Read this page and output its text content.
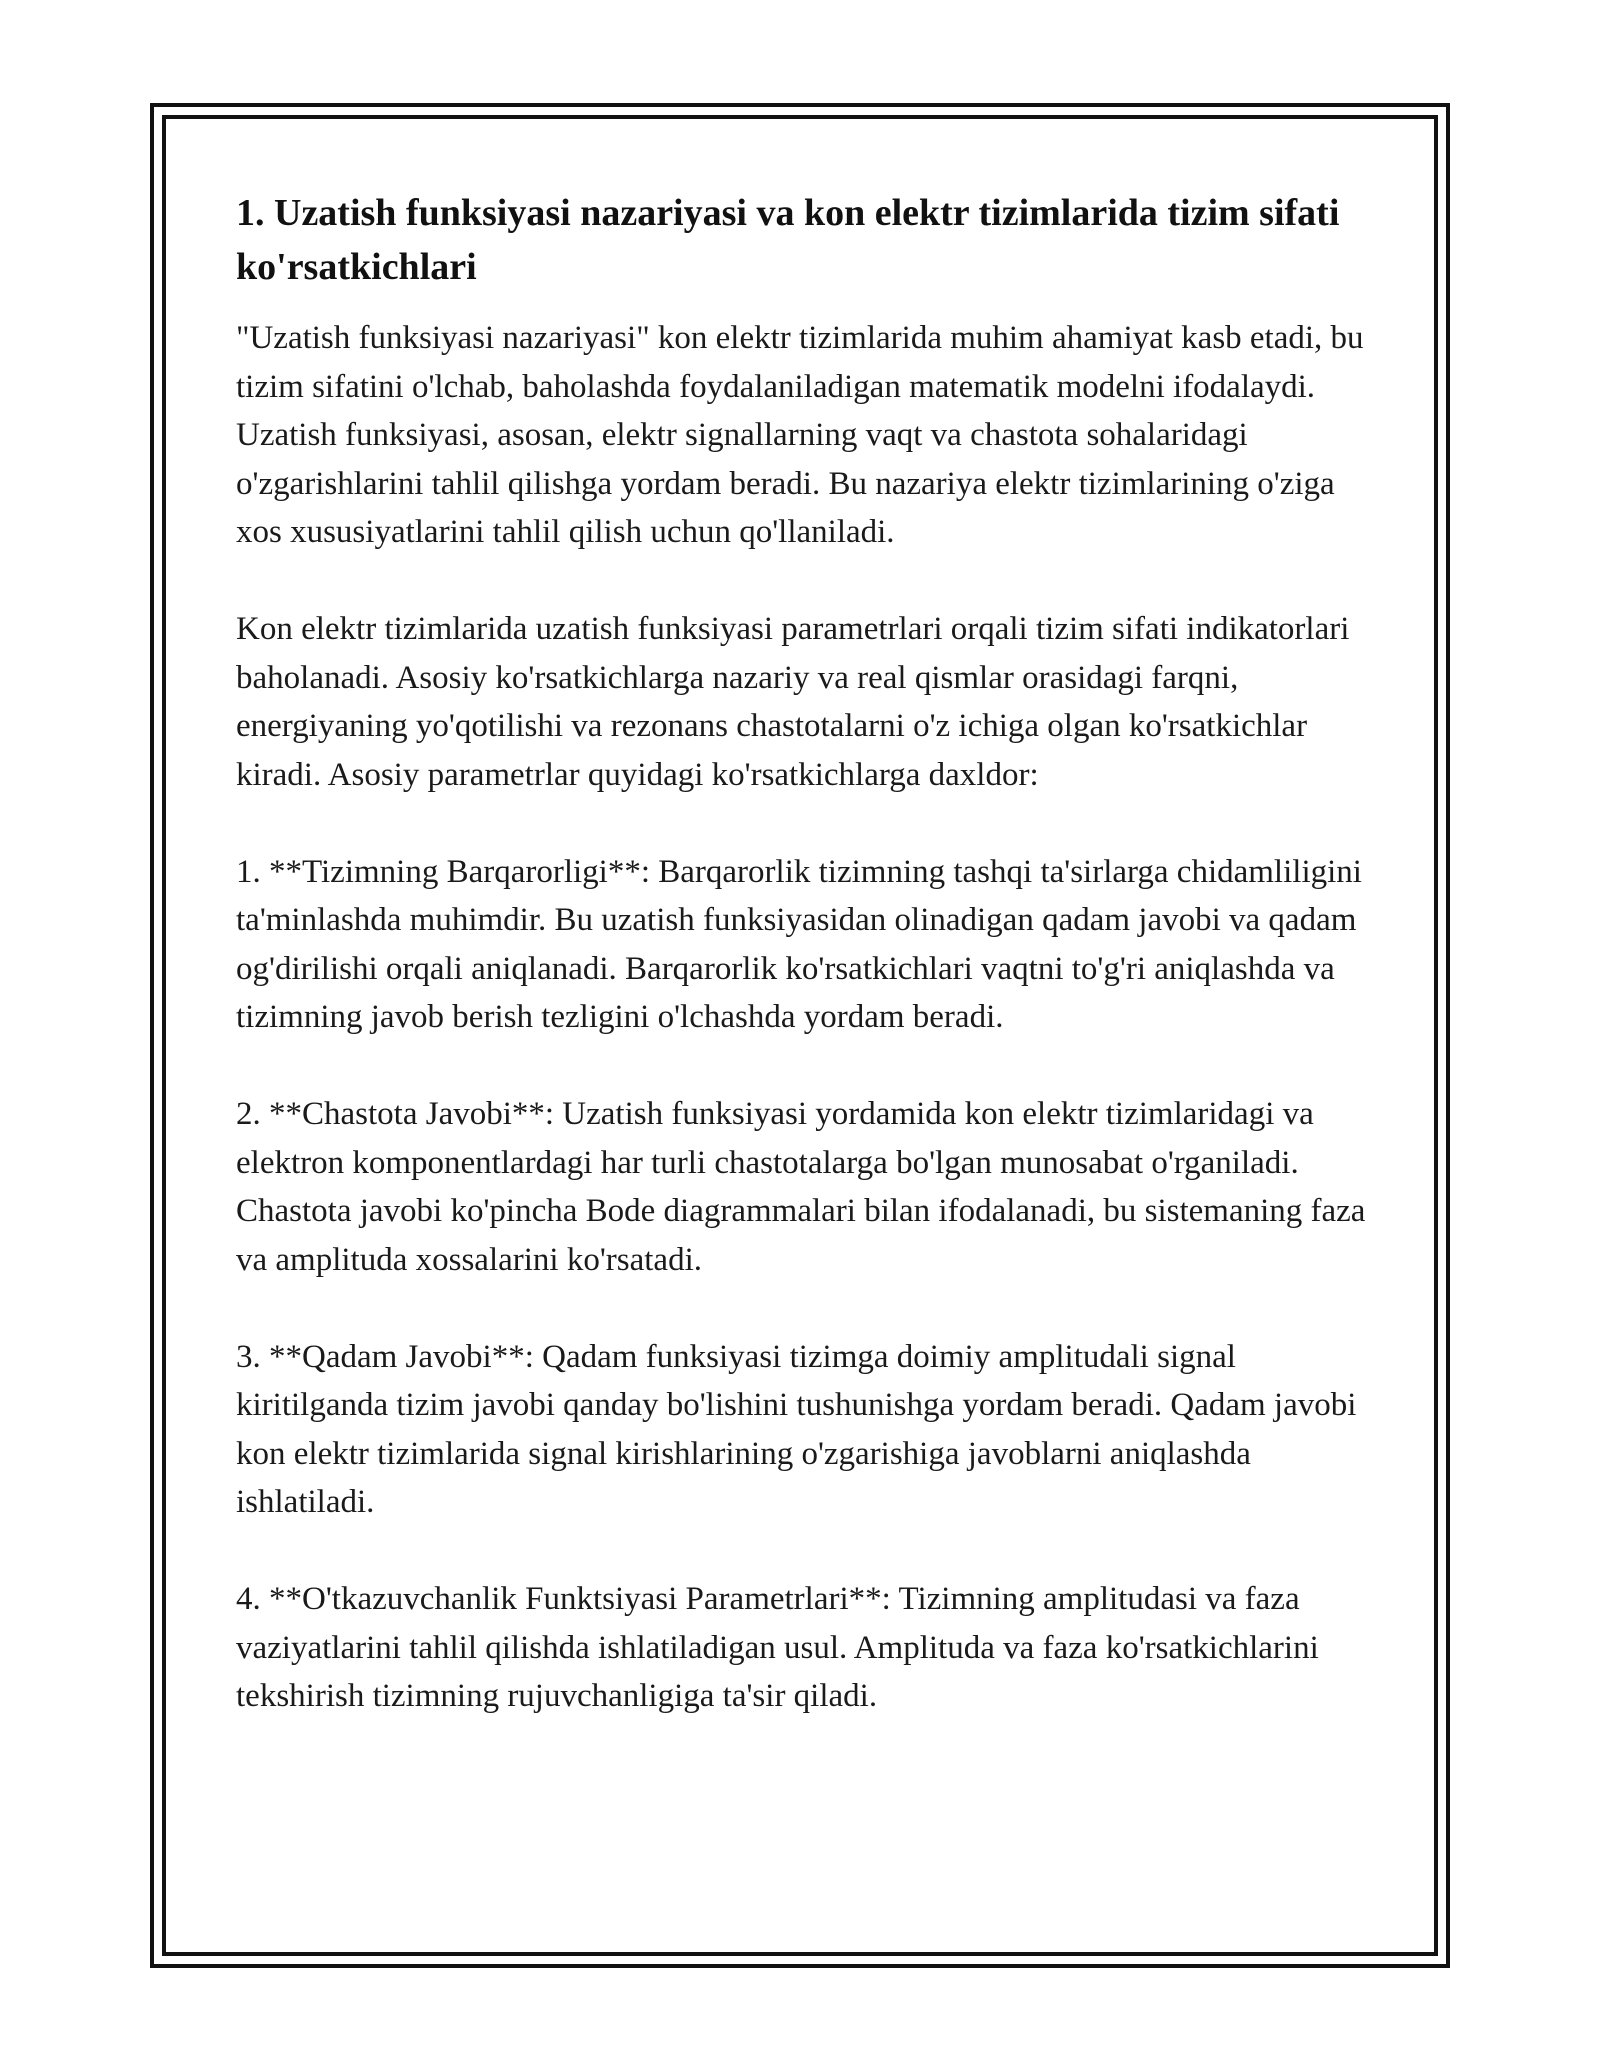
1. Uzatish funksiyasi nazariyasi va kon elektr tizimlarida tizim sifati ko'rsatkichlari

"Uzatish funksiyasi nazariyasi" kon elektr tizimlarida muhim ahamiyat kasb etadi, bu tizim sifatini o'lchab, baholashda foydalaniladigan matematik modelni ifodalaydi. Uzatish funksiyasi, asosan, elektr signallarning vaqt va chastota sohalaridagi o'zgarishlarini tahlil qilishga yordam beradi. Bu nazariya elektr tizimlarining o'ziga xos xususiyatlarini tahlil qilish uchun qo'llaniladi.

Kon elektr tizimlarida uzatish funksiyasi parametrlari orqali tizim sifati indikatorlari baholanadi. Asosiy ko'rsatkichlarga nazariy va real qismlar orasidagi farqni, energiyaning yo'qotilishi va rezonans chastotalarni o'z ichiga olgan ko'rsatkichlar kiradi. Asosiy parametrlar quyidagi ko'rsatkichlarga daxldor:

1. **Tizimning Barqarorligi**: Barqarorlik tizimning tashqi ta'sirlarga chidamliligini ta'minlashda muhimdir. Bu uzatish funksiyasidan olinadigan qadam javobi va qadam og'dirilishi orqali aniqlanadi. Barqarorlik ko'rsatkichlari vaqtni to'g'ri aniqlashda va tizimning javob berish tezligini o'lchashda yordam beradi.

2. **Chastota Javobi**: Uzatish funksiyasi yordamida kon elektr tizimlaridagi va elektron komponentlardagi har turli chastotalarga bo'lgan munosabat o'rganiladi. Chastota javobi ko'pincha Bode diagrammalari bilan ifodalanadi, bu sistemaning faza va amplituda xossalarini ko'rsatadi.

3. **Qadam Javobi**: Qadam funksiyasi tizimga doimiy amplitudali signal kiritilganda tizim javobi qanday bo'lishini tushunishga yordam beradi. Qadam javobi kon elektr tizimlarida signal kirishlarining o'zgarishiga javoblarni aniqlashda ishlatiladi.

4. **O'tkazuvchanlik Funktsiyasi Parametrlari**: Tizimning amplitudasi va faza vaziyatlarini tahlil qilishda ishlatiladigan usul. Amplituda va faza ko'rsatkichlarini tekshirish tizimning rujuvchanligiga ta'sir qiladi.
